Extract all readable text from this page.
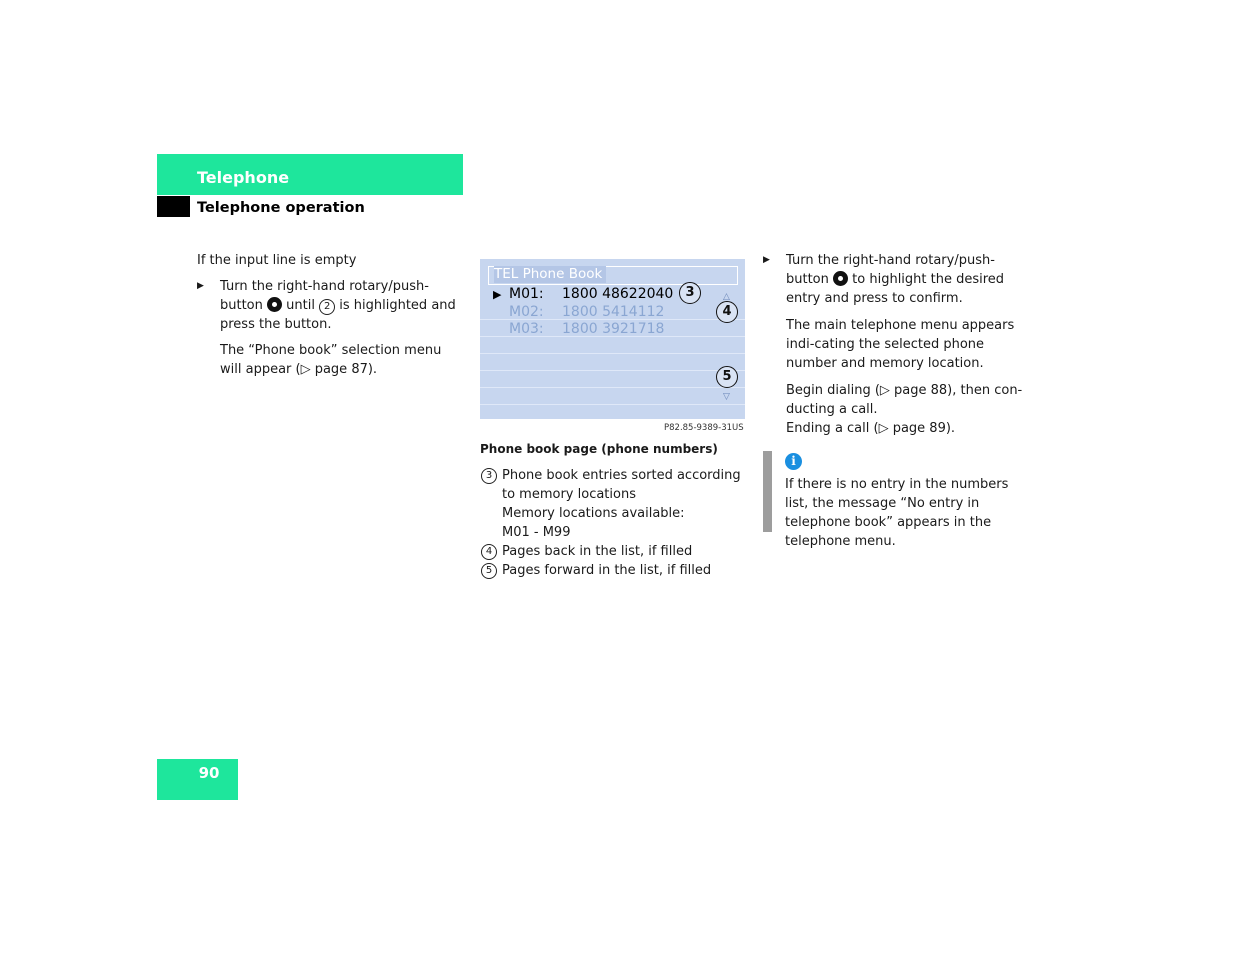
Telephone
Telephone operation

If the input line is empty

▶ Turn the right-hand rotary/push-button until 2 is highlighted and press the button.

The “Phone book” selection menu will appear (▷ page 87).

TEL Phone Book
▶ M01: 1800 48622040
M02: 1800 5414112
M03: 1800 3921718
3
4
5
△
▽
P82.85-9389-31US

Phone book page (phone numbers)

3 Phone book entries sorted according to memory locations
Memory locations available:
M01 - M99
4 Pages back in the list, if filled
5 Pages forward in the list, if filled

▶ Turn the right-hand rotary/push-button to highlight the desired entry and press to confirm.

The main telephone menu appears indi-cating the selected phone number and memory location.

Begin dialing (▷ page 88), then con-ducting a call.

Ending a call (▷ page 89).

i

If there is no entry in the numbers list, the message “No entry in telephone book” appears in the telephone menu.

90
